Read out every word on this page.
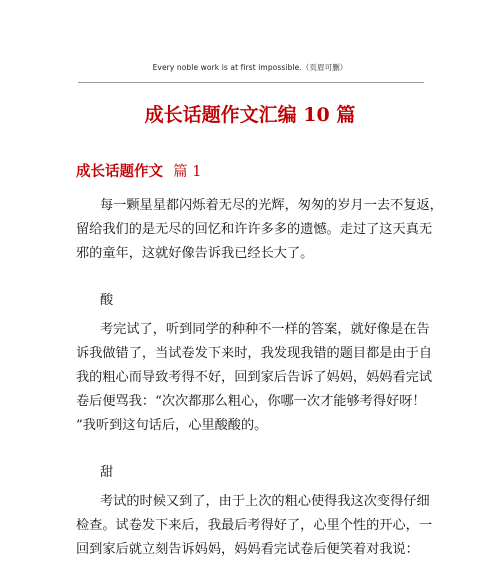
Every noble work is at first impossible.（页眉可删）
成长话题作文汇编 10 篇
成长话题作文 篇 1
每一颗星星都闪烁着无尽的光辉，匆匆的岁月一去不复返，
留给我们的是无尽的回忆和许许多多的遗憾。走过了这天真无
邪的童年，这就好像告诉我已经长大了。
酸
考完试了，听到同学的种种不一样的答案，就好像是在告
诉我做错了，当试卷发下来时，我发现我错的题目都是由于自
我的粗心而导致考得不好，回到家后告诉了妈妈，妈妈看完试
卷后便骂我：“次次都那么粗心，你哪一次才能够考得好呀！
”我听到这句话后，心里酸酸的。
甜
考试的时候又到了，由于上次的粗心使得我这次变得仔细
检查。试卷发下来后，我最后考得好了，心里个性的开心，一
回到家后就立刻告诉妈妈，妈妈看完试卷后便笑着对我说：
